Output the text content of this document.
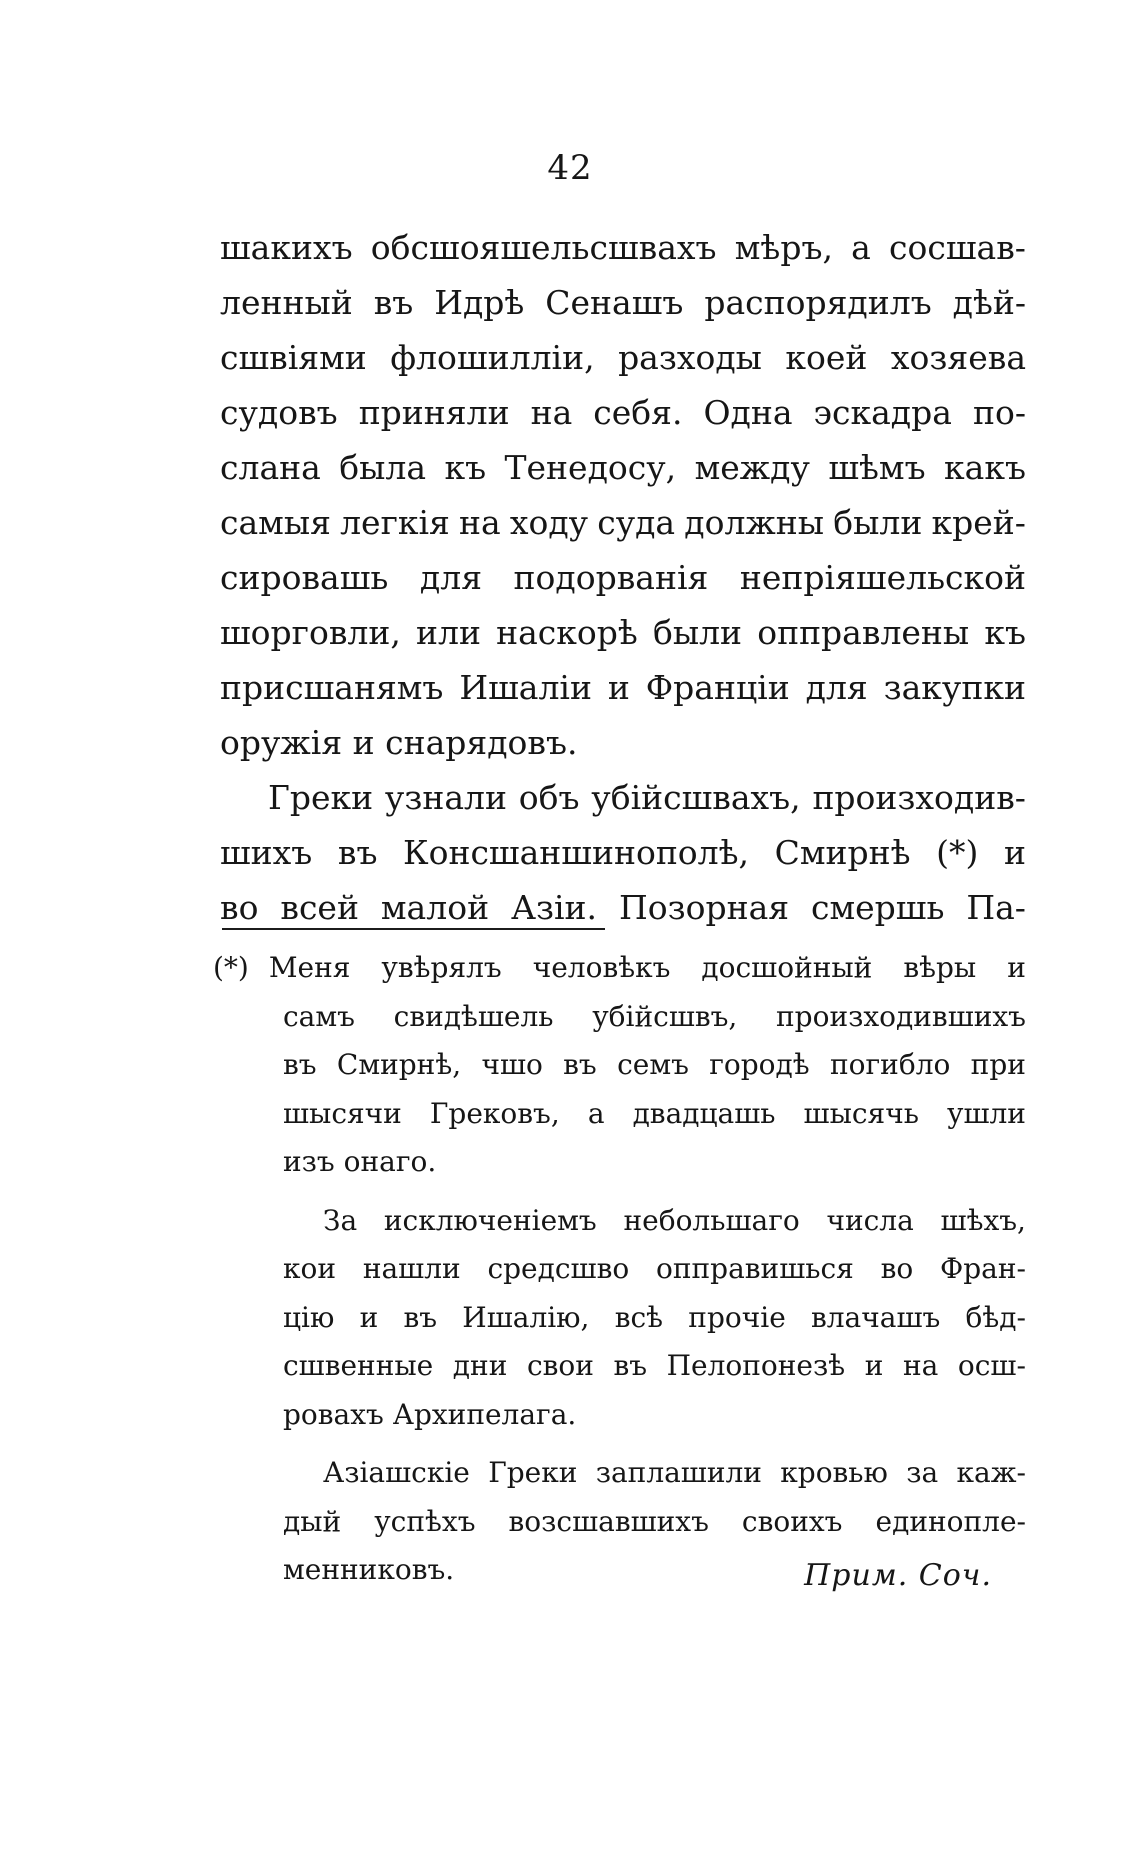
42
шакихъ обсшояшельсшвахъ мѣръ, а сосшав-
ленный въ Идрѣ Сенашъ распорядилъ дѣй-
сшвiями флошилліи, разходы коей хозяева
судовъ приняли на себя. Одна эскадра по-
слана была къ Тенедосу, между шѣмъ какъ
самыя легкія на ходу суда должны были крей-
сировашь для подорванія непріяшельской
шорговли, или наскорѣ были опправлены къ
присшанямъ Ишаліи и Франціи для закупки
оружія и снарядовъ.
Греки узнали объ убійсшвахъ, произходив-
шихъ въ Консшаншинополѣ, Смирнѣ (*) и
во всей малой Азіи. Позорная смершь Па-
(*) Меня увѣрялъ человѣкъ досшойный вѣры и
самъ свидѣшель убійсшвъ, произходившихъ
въ Смирнѣ, чшо въ семъ городѣ погибло при
шысячи Грековъ, а двадцашь шысячь ушли
изъ онаго.
За исключеніемъ небольшаго числа шѣхъ,
кои нашли средсшво опправишься во Фран-
цію и въ Ишалію, всѣ прочіе влачашъ бѣд-
сшвенные дни свои въ Пелопонезѣ и на осш-
ровахъ Архипелага.
Азіашскіе Греки заплашили кровью за каж-
дый успѣхъ возсшавшихъ своихъ единопле-
менниковъ.	Прим. Соч.
